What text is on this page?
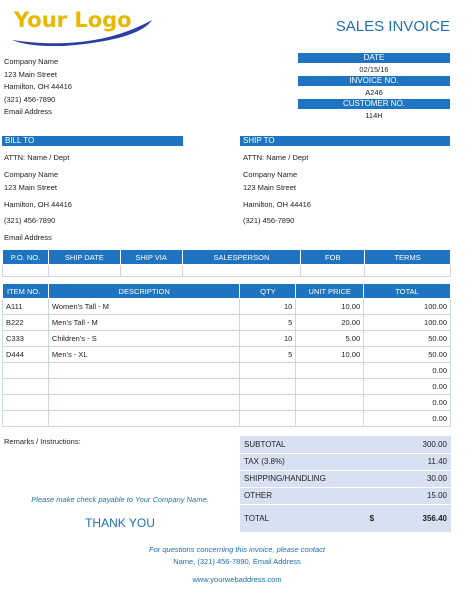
Your Logo	SALES INVOICE
Company Name
123 Main Street
Hamilton, OH 44416
(321) 456-7890
Email Address
DATE
02/15/16
INVOICE NO.
A246
CUSTOMER NO.
114H
BILL TO
ATTN: Name / Dept
Company Name
123 Main Street
Hamilton, OH 44416
(321) 456-7890
Email Address
SHIP TO
ATTN: Name / Dept
Company Name
123 Main Street
Hamilton, OH 44416
(321) 456-7890
P.O. NO.	SHIP DATE	SHIP VIA	SALESPERSON	FOB	TERMS

ITEM NO.	DESCRIPTION	QTY	UNIT PRICE	TOTAL
A111	Women's Tall - M	10	10.00	100.00
B222	Men's Tall - M	5	20.00	100.00
C333	Children's - S	10	5.00	50.00
D444	Men's - XL	5	10.00	50.00
				0.00
				0.00
				0.00
				0.00
Remarks / Instructions:	SUBTOTAL		300.00
TAX (3.8%)		11.40
SHIPPING/HANDLING		30.00
OTHER		15.00
TOTAL	$	356.40
Please make check payable to Your Company Name.
THANK YOU
For questions concerning this invoice, please contact
Name, (321) 456-7890, Email Address
www.yourwebaddress.com
